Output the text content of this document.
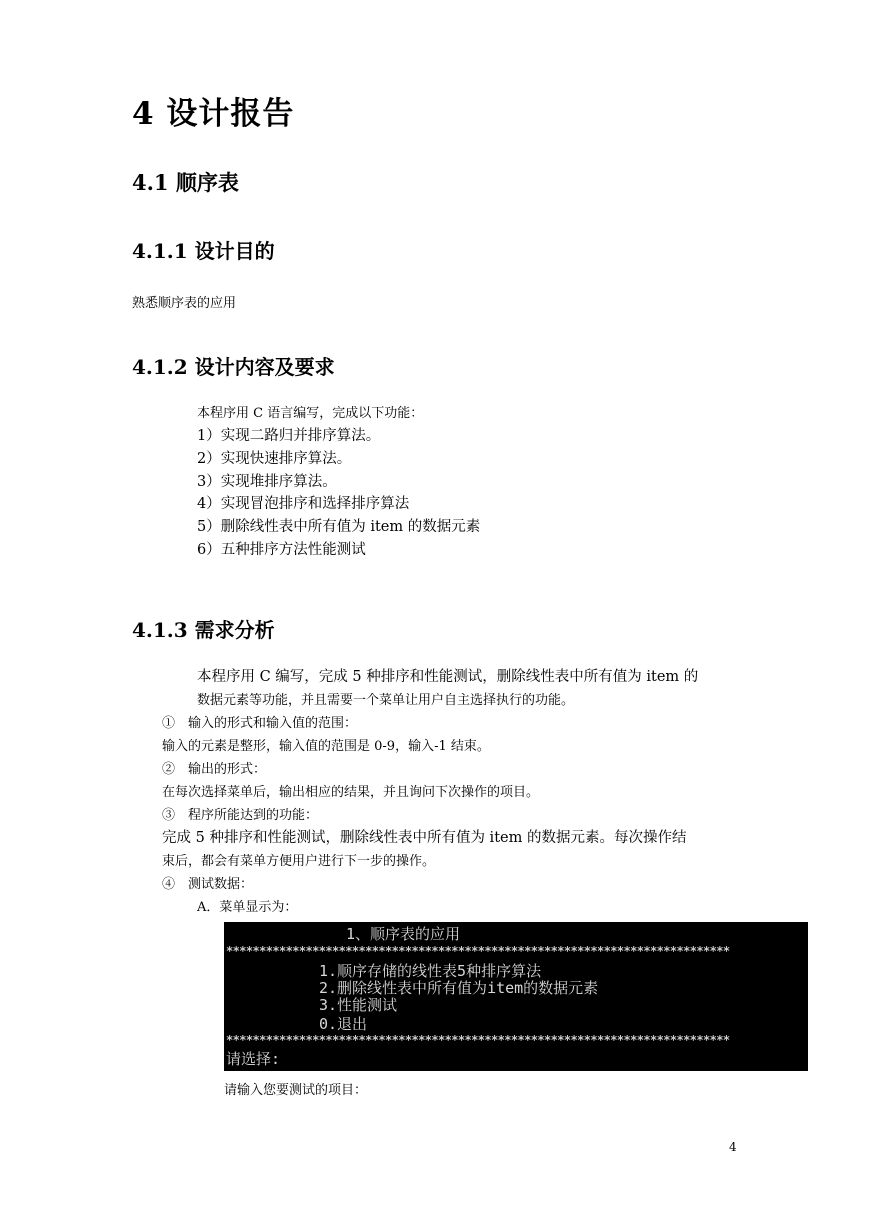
4 设计报告
4.1 顺序表
4.1.1 设计目的
熟悉顺序表的应用
4.1.2 设计内容及要求
本程序用 C 语言编写，完成以下功能：
1）实现二路归并排序算法。
2）实现快速排序算法。
3）实现堆排序算法。
4）实现冒泡排序和选择排序算法
5）删除线性表中所有值为 item 的数据元素
6）五种排序方法性能测试
4.1.3 需求分析
本程序用 C 编写，完成 5 种排序和性能测试，删除线性表中所有值为 item 的
数据元素等功能，并且需要一个菜单让用户自主选择执行的功能。
①　输入的形式和输入值的范围：
输入的元素是整形，输入值的范围是 0-9，输入-1 结束。
②　输出的形式：
在每次选择菜单后，输出相应的结果，并且询问下次操作的项目。
③　程序所能达到的功能：
完成 5 种排序和性能测试，删除线性表中所有值为 item 的数据元素。每次操作结
束后，都会有菜单方便用户进行下一步的操作。
④　测试数据：
A．菜单显示为：
1、顺序表的应用
****************************************************************************
1.顺序存储的线性表5种排序算法
2.删除线性表中所有值为item的数据元素
3.性能测试
0.退出
****************************************************************************
请选择:
请输入您要测试的项目：
4
